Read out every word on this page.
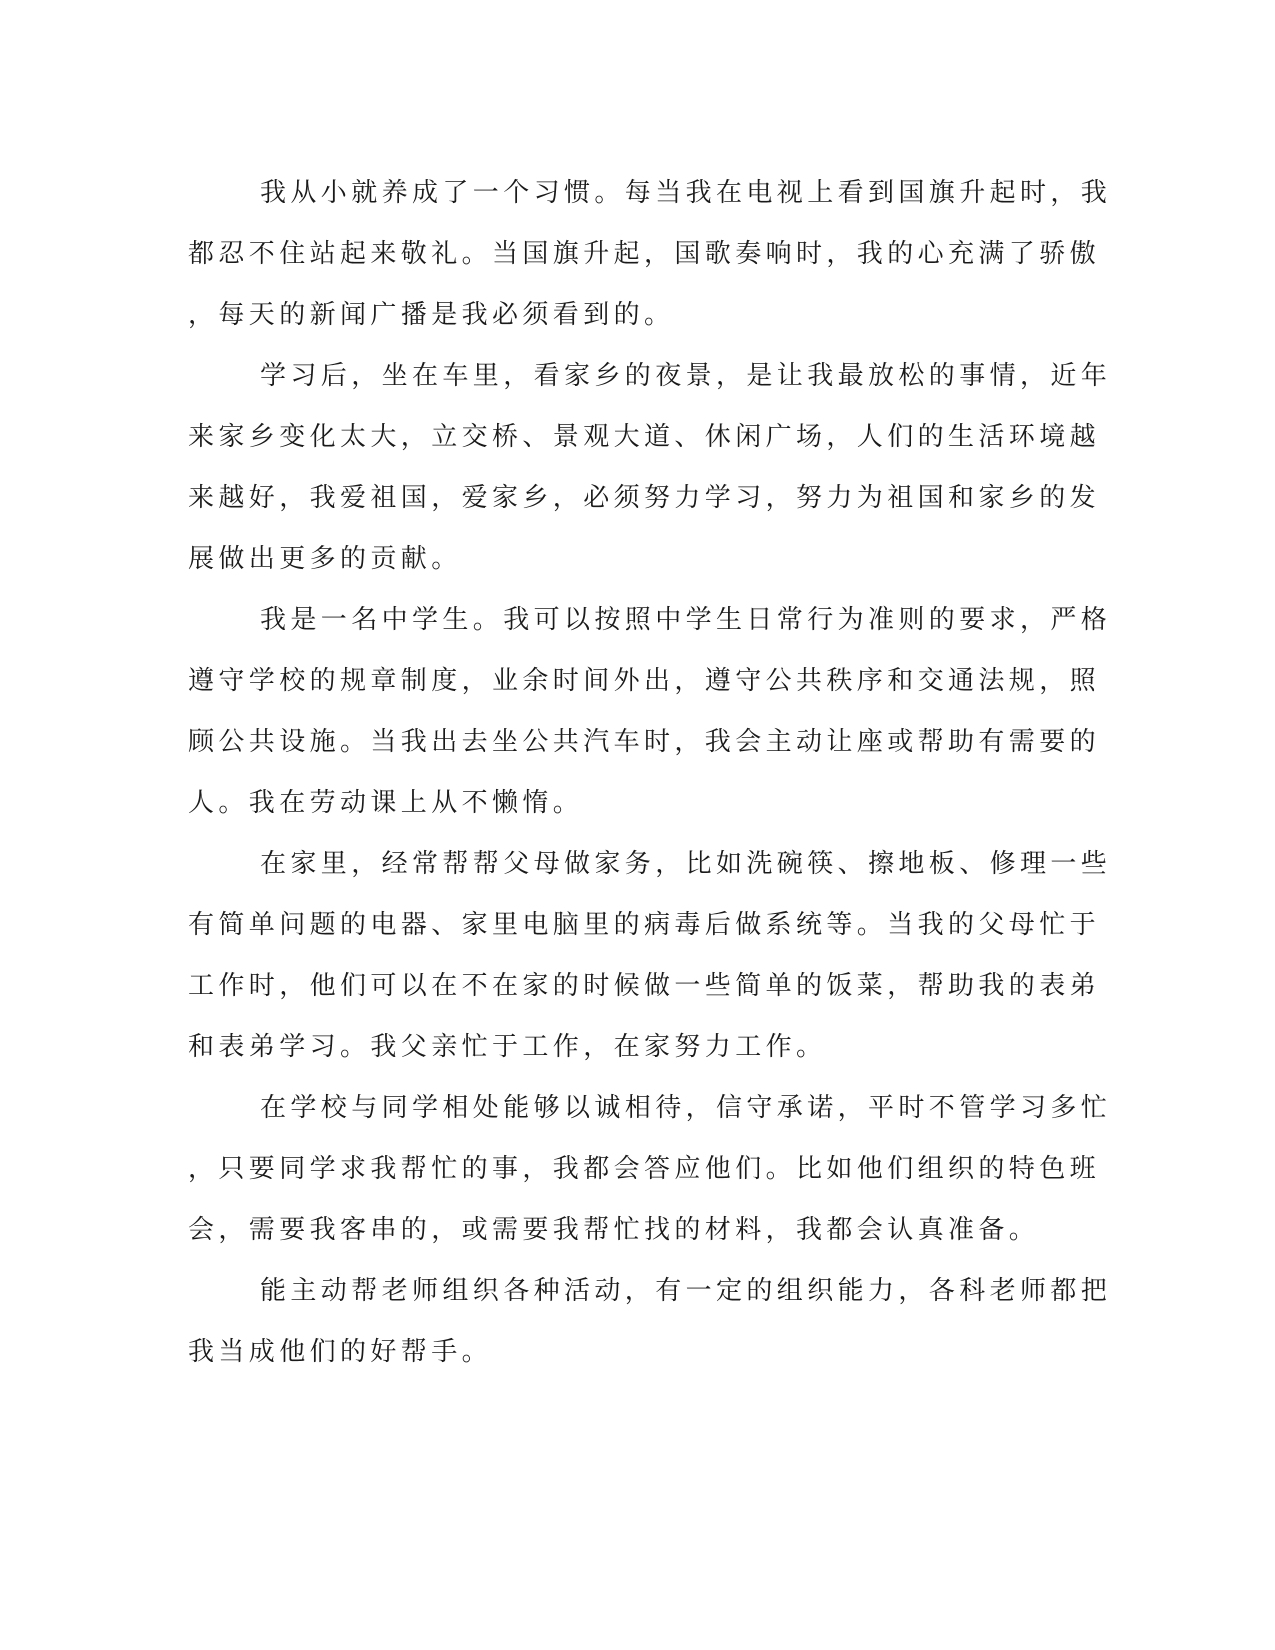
我从小就养成了一个习惯。每当我在电视上看到国旗升起时，我
都忍不住站起来敬礼。当国旗升起，国歌奏响时，我的心充满了骄傲
，每天的新闻广播是我必须看到的。
学习后，坐在车里，看家乡的夜景，是让我最放松的事情，近年
来家乡变化太大，立交桥、景观大道、休闲广场，人们的生活环境越
来越好，我爱祖国，爱家乡，必须努力学习，努力为祖国和家乡的发
展做出更多的贡献。
我是一名中学生。我可以按照中学生日常行为准则的要求，严格
遵守学校的规章制度，业余时间外出，遵守公共秩序和交通法规，照
顾公共设施。当我出去坐公共汽车时，我会主动让座或帮助有需要的
人。我在劳动课上从不懒惰。
在家里，经常帮帮父母做家务，比如洗碗筷、擦地板、修理一些
有简单问题的电器、家里电脑里的病毒后做系统等。当我的父母忙于
工作时，他们可以在不在家的时候做一些简单的饭菜，帮助我的表弟
和表弟学习。我父亲忙于工作，在家努力工作。
在学校与同学相处能够以诚相待，信守承诺，平时不管学习多忙
，只要同学求我帮忙的事，我都会答应他们。比如他们组织的特色班
会，需要我客串的，或需要我帮忙找的材料，我都会认真准备。
能主动帮老师组织各种活动，有一定的组织能力，各科老师都把
我当成他们的好帮手。
